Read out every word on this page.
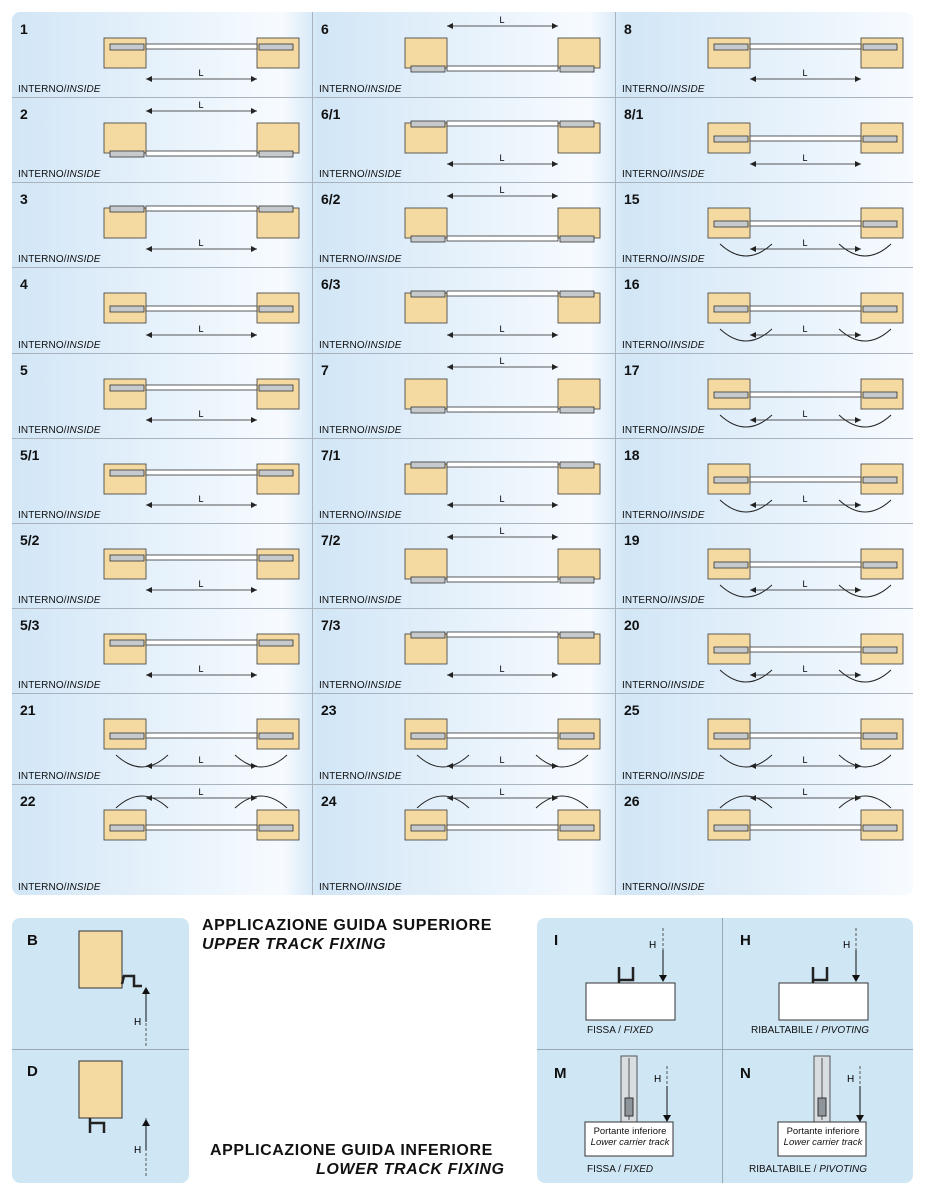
L
1
INTERNO/INSIDE
L
2
INTERNO/INSIDE
L
3
INTERNO/INSIDE
L
4
INTERNO/INSIDE
L
5
INTERNO/INSIDE
L
5/1
INTERNO/INSIDE
L
5/2
INTERNO/INSIDE
L
5/3
INTERNO/INSIDE
L
21
INTERNO/INSIDE
L
22
INTERNO/INSIDE
L
6
INTERNO/INSIDE
L
6/1
INTERNO/INSIDE
L
6/2
INTERNO/INSIDE
L
6/3
INTERNO/INSIDE
L
7
INTERNO/INSIDE
L
7/1
INTERNO/INSIDE
L
7/2
INTERNO/INSIDE
L
7/3
INTERNO/INSIDE
L
23
INTERNO/INSIDE
L
24
INTERNO/INSIDE
L
8
INTERNO/INSIDE
L
8/1
INTERNO/INSIDE
L
15
INTERNO/INSIDE
L
16
INTERNO/INSIDE
L
17
INTERNO/INSIDE
L
18
INTERNO/INSIDE
L
19
INTERNO/INSIDE
L
20
INTERNO/INSIDE
L
25
INTERNO/INSIDE
L
26
INTERNO/INSIDE
B
D
H
H
APPLICAZIONE GUIDA SUPERIORE
UPPER TRACK FIXING
APPLICAZIONE GUIDA INFERIORE
LOWER TRACK FIXING
I	H
M	N
H	H
H	H
Portante inferiore
Lower carrier track
Portante inferiore
Lower carrier track
FISSA / FIXED	RIBALTABILE / PIVOTING
FISSA / FIXED	RIBALTABILE / PIVOTING
